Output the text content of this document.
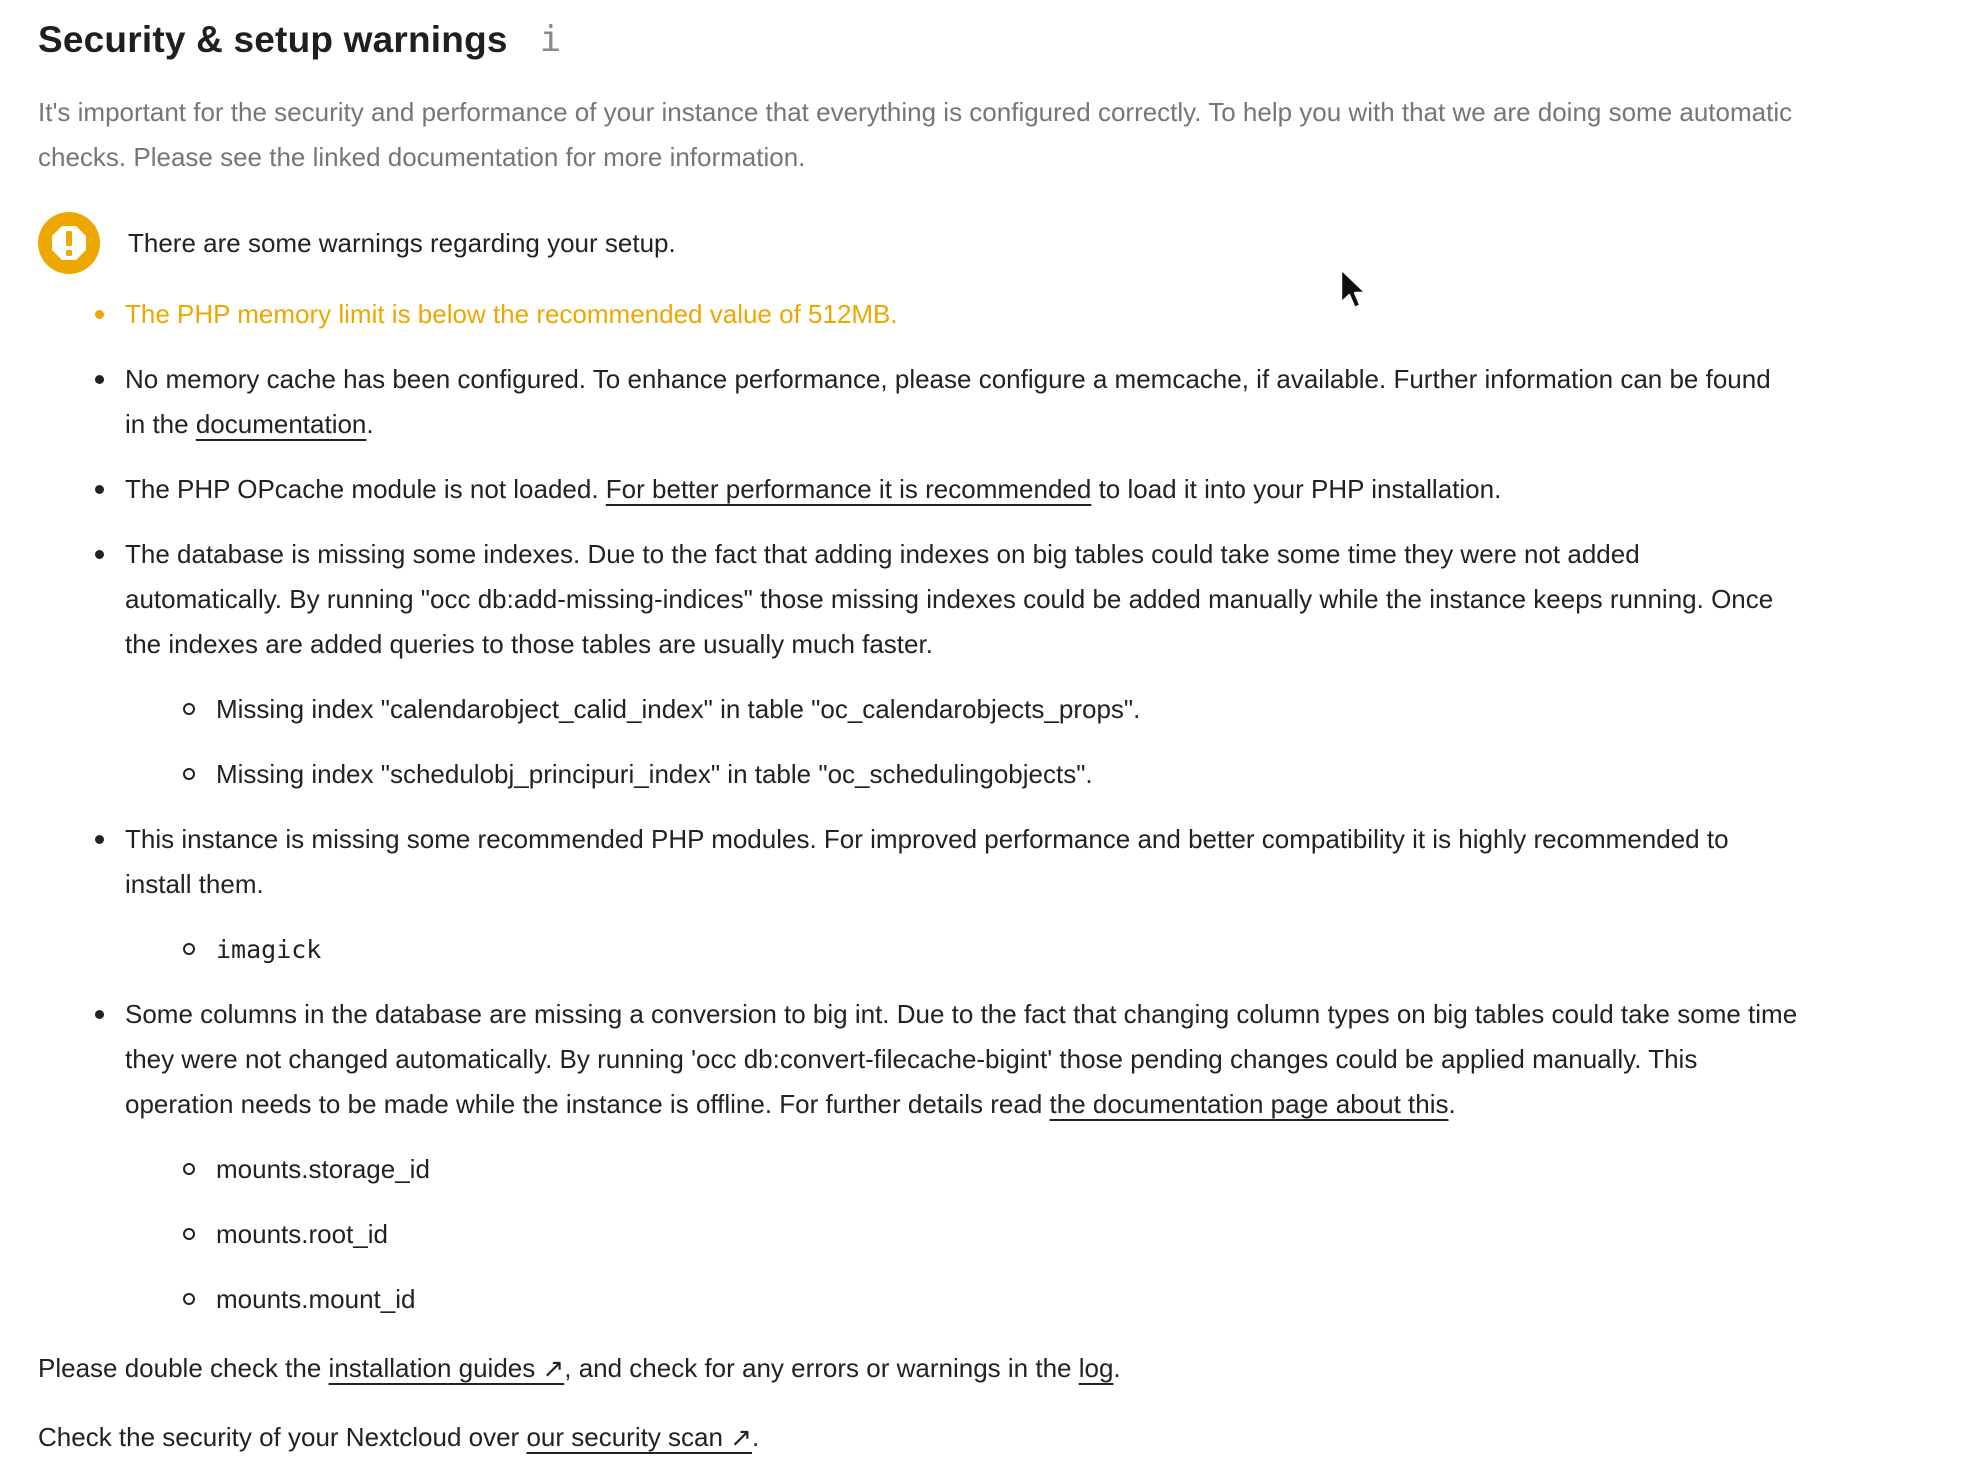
Security & setup warnings i

It's important for the security and performance of your instance that everything is configured correctly. To help you with that we are doing some automatic checks. Please see the linked documentation for more information.

There are some warnings regarding your setup.
The PHP memory limit is below the recommended value of 512MB.
No memory cache has been configured. To enhance performance, please configure a memcache, if available. Further information can be found in the documentation.
The PHP OPcache module is not loaded. For better performance it is recommended to load it into your PHP installation.
The database is missing some indexes. Due to the fact that adding indexes on big tables could take some time they were not added automatically. By running "occ db:add-missing-indices" those missing indexes could be added manually while the instance keeps running. Once the indexes are added queries to those tables are usually much faster.
Missing index "calendarobject_calid_index" in table "oc_calendarobjects_props".
Missing index "schedulobj_principuri_index" in table "oc_schedulingobjects".
This instance is missing some recommended PHP modules. For improved performance and better compatibility it is highly recommended to install them.
imagick
Some columns in the database are missing a conversion to big int. Due to the fact that changing column types on big tables could take some time they were not changed automatically. By running 'occ db:convert-filecache-bigint' those pending changes could be applied manually. This operation needs to be made while the instance is offline. For further details read the documentation page about this.
mounts.storage_id
mounts.root_id
mounts.mount_id

Please double check the installation guides ↗, and check for any errors or warnings in the log.

Check the security of your Nextcloud over our security scan ↗.
